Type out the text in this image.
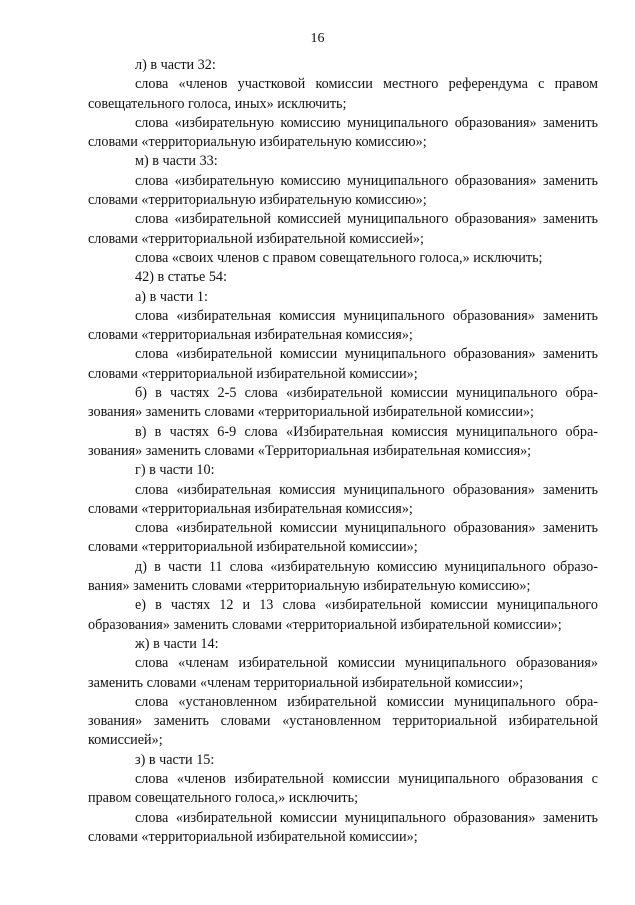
16

л) в части 32:

слова «членов участковой комиссии местного референдума с правом совещательного голоса, иных» исключить;

слова «избирательную комиссию муниципального образования» заменить словами «территориальную избирательную комиссию»;

м) в части 33:

слова «избирательную комиссию муниципального образования» заменить словами «территориальную избирательную комиссию»;

слова «избирательной комиссией муниципального образования» заменить словами «территориальной избирательной комиссией»;

слова «своих членов с правом совещательного голоса,» исключить;

42) в статье 54:

а) в части 1:

слова «избирательная комиссия муниципального образования» заменить словами «территориальная избирательная комиссия»;

слова «избирательной комиссии муниципального образования» заменить словами «территориальной избирательной комиссии»;

б) в частях 2-5 слова «избирательной комиссии муниципального образования» заменить словами «территориальной избирательной комиссии»;

в) в частях 6-9 слова «Избирательная комиссия муниципального образования» заменить словами «Территориальная избирательная комиссия»;

г) в части 10:

слова «избирательная комиссия муниципального образования» заменить словами «территориальная избирательная комиссия»;

слова «избирательной комиссии муниципального образования» заменить словами «территориальной избирательной комиссии»;

д) в части 11 слова «избирательную комиссию муниципального образования» заменить словами «территориальную избирательную комиссию»;

е) в частях 12 и 13 слова «избирательной комиссии муниципального образования» заменить словами «территориальной избирательной комиссии»;

ж) в части 14:

слова «членам избирательной комиссии муниципального образования» заменить словами «членам территориальной избирательной комиссии»;

слова «установленном избирательной комиссии муниципального образования» заменить словами «установленном территориальной избирательной комиссией»;

з) в части 15:

слова «членов избирательной комиссии муниципального образования с правом совещательного голоса,» исключить;

слова «избирательной комиссии муниципального образования» заменить словами «территориальной избирательной комиссии»;
